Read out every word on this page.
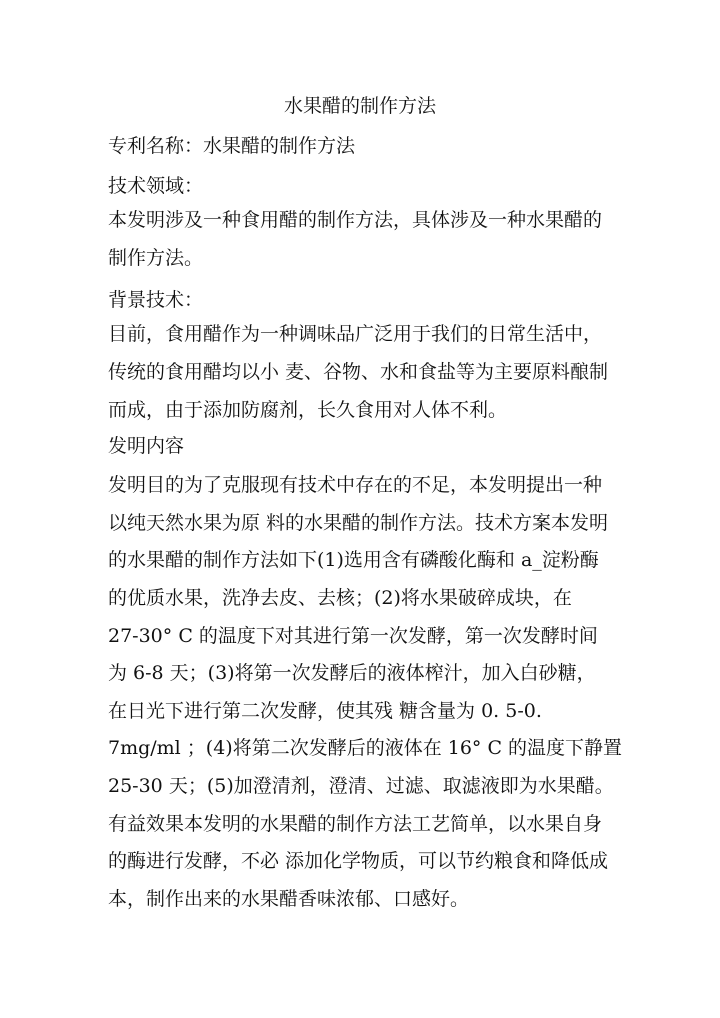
水果醋的制作方法

专利名称：水果醋的制作方法

技术领域：

本发明涉及一种食用醋的制作方法，具体涉及一种水果醋的

制作方法。

背景技术：

目前，食用醋作为一种调味品广泛用于我们的日常生活中，

传统的食用醋均以小 麦、谷物、水和食盐等为主要原料酿制

而成，由于添加防腐剂，长久食用对人体不利。

发明内容

发明目的为了克服现有技术中存在的不足，本发明提出一种

以纯天然水果为原 料的水果醋的制作方法。技术方案本发明

的水果醋的制作方法如下(1)选用含有磷酸化酶和 a_淀粉酶

的优质水果，洗净去皮、去核；(2)将水果破碎成块，在

27-30° C 的温度下对其进行第一次发酵，第一次发酵时间

为 6-8 天；(3)将第一次发酵后的液体榨汁，加入白砂糖，

在日光下进行第二次发酵，使其残 糖含量为 0. 5-0.

7mg/ml ；(4)将第二次发酵后的液体在 16° C 的温度下静置

25-30 天；(5)加澄清剂，澄清、过滤、取滤液即为水果醋。

有益效果本发明的水果醋的制作方法工艺简单，以水果自身

的酶进行发酵，不必 添加化学物质，可以节约粮食和降低成

本，制作出来的水果醋香味浓郁、口感好。
